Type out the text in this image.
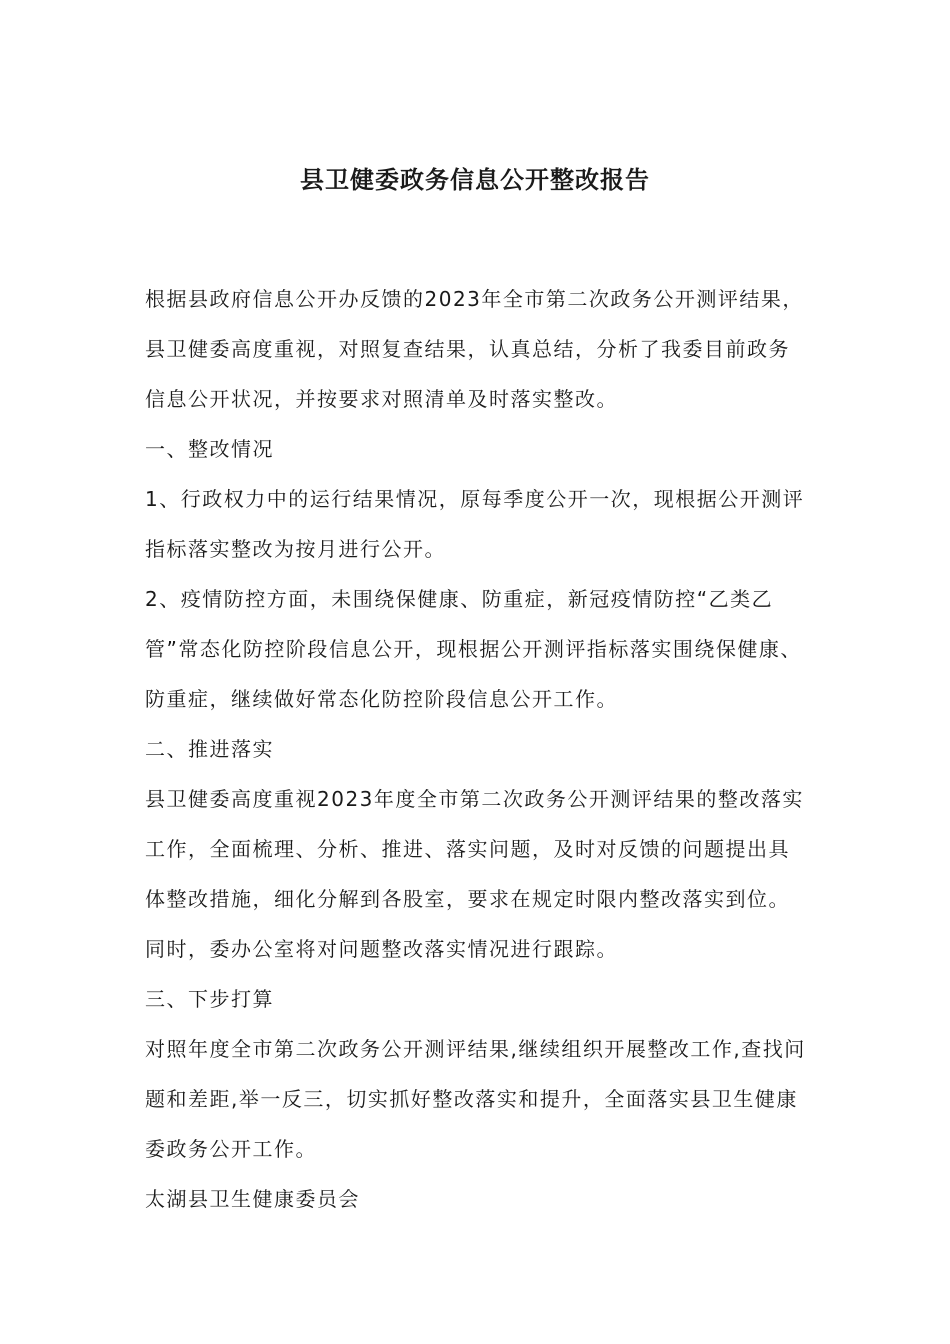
县卫健委政务信息公开整改报告

根据县政府信息公开办反馈的2023年全市第二次政务公开测评结果，县卫健委高度重视，对照复查结果，认真总结，分析了我委目前政务信息公开状况，并按要求对照清单及时落实整改。

一、整改情况

1、行政权力中的运行结果情况，原每季度公开一次，现根据公开测评指标落实整改为按月进行公开。

2、疫情防控方面，未围绕保健康、防重症，新冠疫情防控“乙类乙管”常态化防控阶段信息公开，现根据公开测评指标落实围绕保健康、防重症，继续做好常态化防控阶段信息公开工作。

二、推进落实

县卫健委高度重视2023年度全市第二次政务公开测评结果的整改落实工作，全面梳理、分析、推进、落实问题，及时对反馈的问题提出具体整改措施，细化分解到各股室，要求在规定时限内整改落实到位。同时，委办公室将对问题整改落实情况进行跟踪。

三、下步打算

对照年度全市第二次政务公开测评结果,继续组织开展整改工作,查找问题和差距,举一反三，切实抓好整改落实和提升，全面落实县卫生健康委政务公开工作。

太湖县卫生健康委员会
